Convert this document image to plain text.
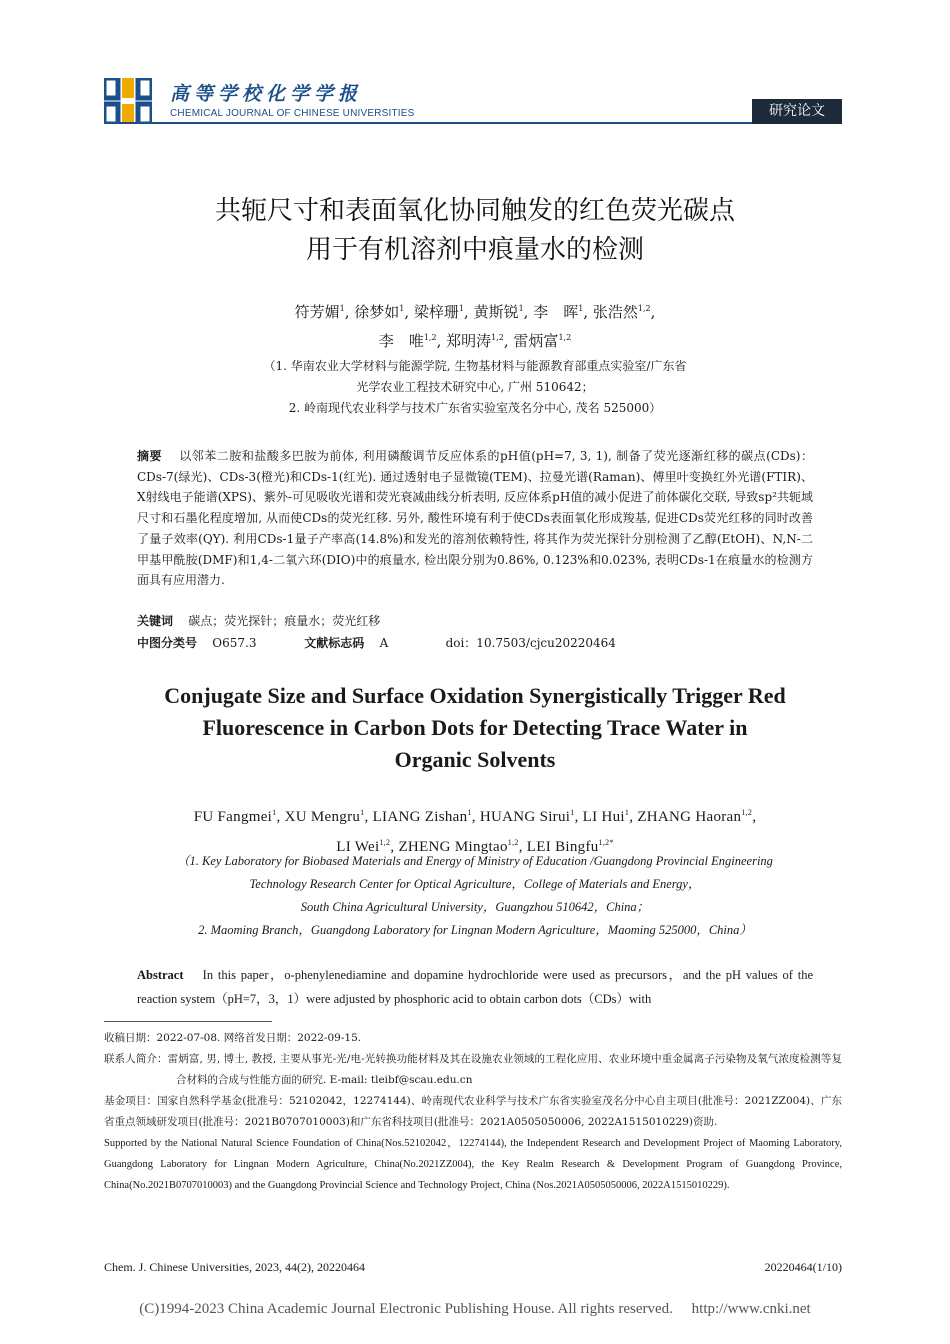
高等学校化学学报
CHEMICAL JOURNAL OF CHINESE UNIVERSITIES	研究论文
共轭尺寸和表面氧化协同触发的红色荧光碳点
用于有机溶剂中痕量水的检测
符芳媚$^1$, 徐梦如$^1$, 梁梓珊$^1$, 黄斯锐$^1$, 李　晖$^1$, 张浩然$^{1,2}$,
李　唯$^{1,2}$, 郑明涛$^{1,2}$, 雷炳富$^{1,2}$
（1. 华南农业大学材料与能源学院, 生物基材料与能源教育部重点实验室/广东省
光学农业工程技术研究中心, 广州 510642；
2. 岭南现代农业科学与技术广东省实验室茂名分中心, 茂名 525000）
摘要 以邻苯二胺和盐酸多巴胺为前体, 利用磷酸调节反应体系的pH值(pH=7, 3, 1), 制备了荧光逐渐红移的碳点(CDs)：CDs-7(绿光)、CDs-3(橙光)和CDs-1(红光). 通过透射电子显微镜(TEM)、拉曼光谱(Raman)、傅里叶变换红外光谱(FTIR)、X射线电子能谱(XPS)、紫外-可见吸收光谱和荧光衰减曲线分析表明, 反应体系pH值的减小促进了前体碳化交联, 导致sp²共轭域尺寸和石墨化程度增加, 从而使CDs的荧光红移. 另外, 酸性环境有利于使CDs表面氧化形成羧基, 促进CDs荧光红移的同时改善了量子效率(QY). 利用CDs-1量子产率高(14.8%)和发光的溶剂依赖特性, 将其作为荧光探针分别检测了乙醇(EtOH)、N,N-二甲基甲酰胺(DMF)和1,4-二氧六环(DIO)中的痕量水, 检出限分别为0.86%, 0.123%和0.023%, 表明CDs-1在痕量水的检测方面具有应用潜力.
关键词 碳点；荧光探针；痕量水；荧光红移
中图分类号 O657.3	文献标志码 A	doi：10.7503/cjcu20220464
Conjugate Size and Surface Oxidation Synergistically Trigger Red
Fluorescence in Carbon Dots for Detecting Trace Water in
Organic Solvents
FU Fangmei$^1$, XU Mengru$^1$, LIANG Zishan$^1$, HUANG Sirui$^1$, LI Hui$^1$, ZHANG Haoran$^{1,2}$,
LI Wei$^{1,2}$, ZHENG Mingtao$^{1,2}$, LEI Bingfu$^{1,2*}$
（1. Key Laboratory for Biobased Materials and Energy of Ministry of Education /Guangdong Provincial Engineering
Technology Research Center for Optical Agriculture，College of Materials and Energy，
South China Agricultural University，Guangzhou 510642，China；
2. Maoming Branch，Guangdong Laboratory for Lingnan Modern Agriculture，Maoming 525000，China）
Abstract In this paper，o-phenylenediamine and dopamine hydrochloride were used as precursors，and the pH values of the reaction system（pH=7，3，1）were adjusted by phosphoric acid to obtain carbon dots（CDs）with

收稿日期：2022-07-08. 网络首发日期：2022-09-15.

联系人简介：雷炳富, 男, 博士, 教授, 主要从事光-光/电-光转换功能材料及其在设施农业领域的工程化应用、农业环境中重金属离子污染物及氧气浓度检测等复合材料的合成与性能方面的研究. E-mail: tleibf@scau.edu.cn

基金项目：国家自然科学基金(批准号：52102042，12274144)、岭南现代农业科学与技术广东省实验室茂名分中心自主项目(批准号：2021ZZ004)、广东省重点领域研发项目(批准号：2021B0707010003)和广东省科技项目(批准号：2021A0505050006, 2022A1515010229)资助.

Supported by the National Natural Science Foundation of China(Nos.52102042，12274144), the Independent Research and Development Project of Maoming Laboratory, Guangdong Laboratory for Lingnan Modern Agriculture, China(No.2021ZZ004), the Key Realm Research & Development Program of Guangdong Province, China(No.2021B0707010003) and the Guangdong Provincial Science and Technology Project, China (Nos.2021A0505050006, 2022A1515010229).

Chem. J. Chinese Universities, 2023, 44(2), 20220464	20220464(1/10)
(C)1994-2023 China Academic Journal Electronic Publishing House. All rights reserved.　 http://www.cnki.net
